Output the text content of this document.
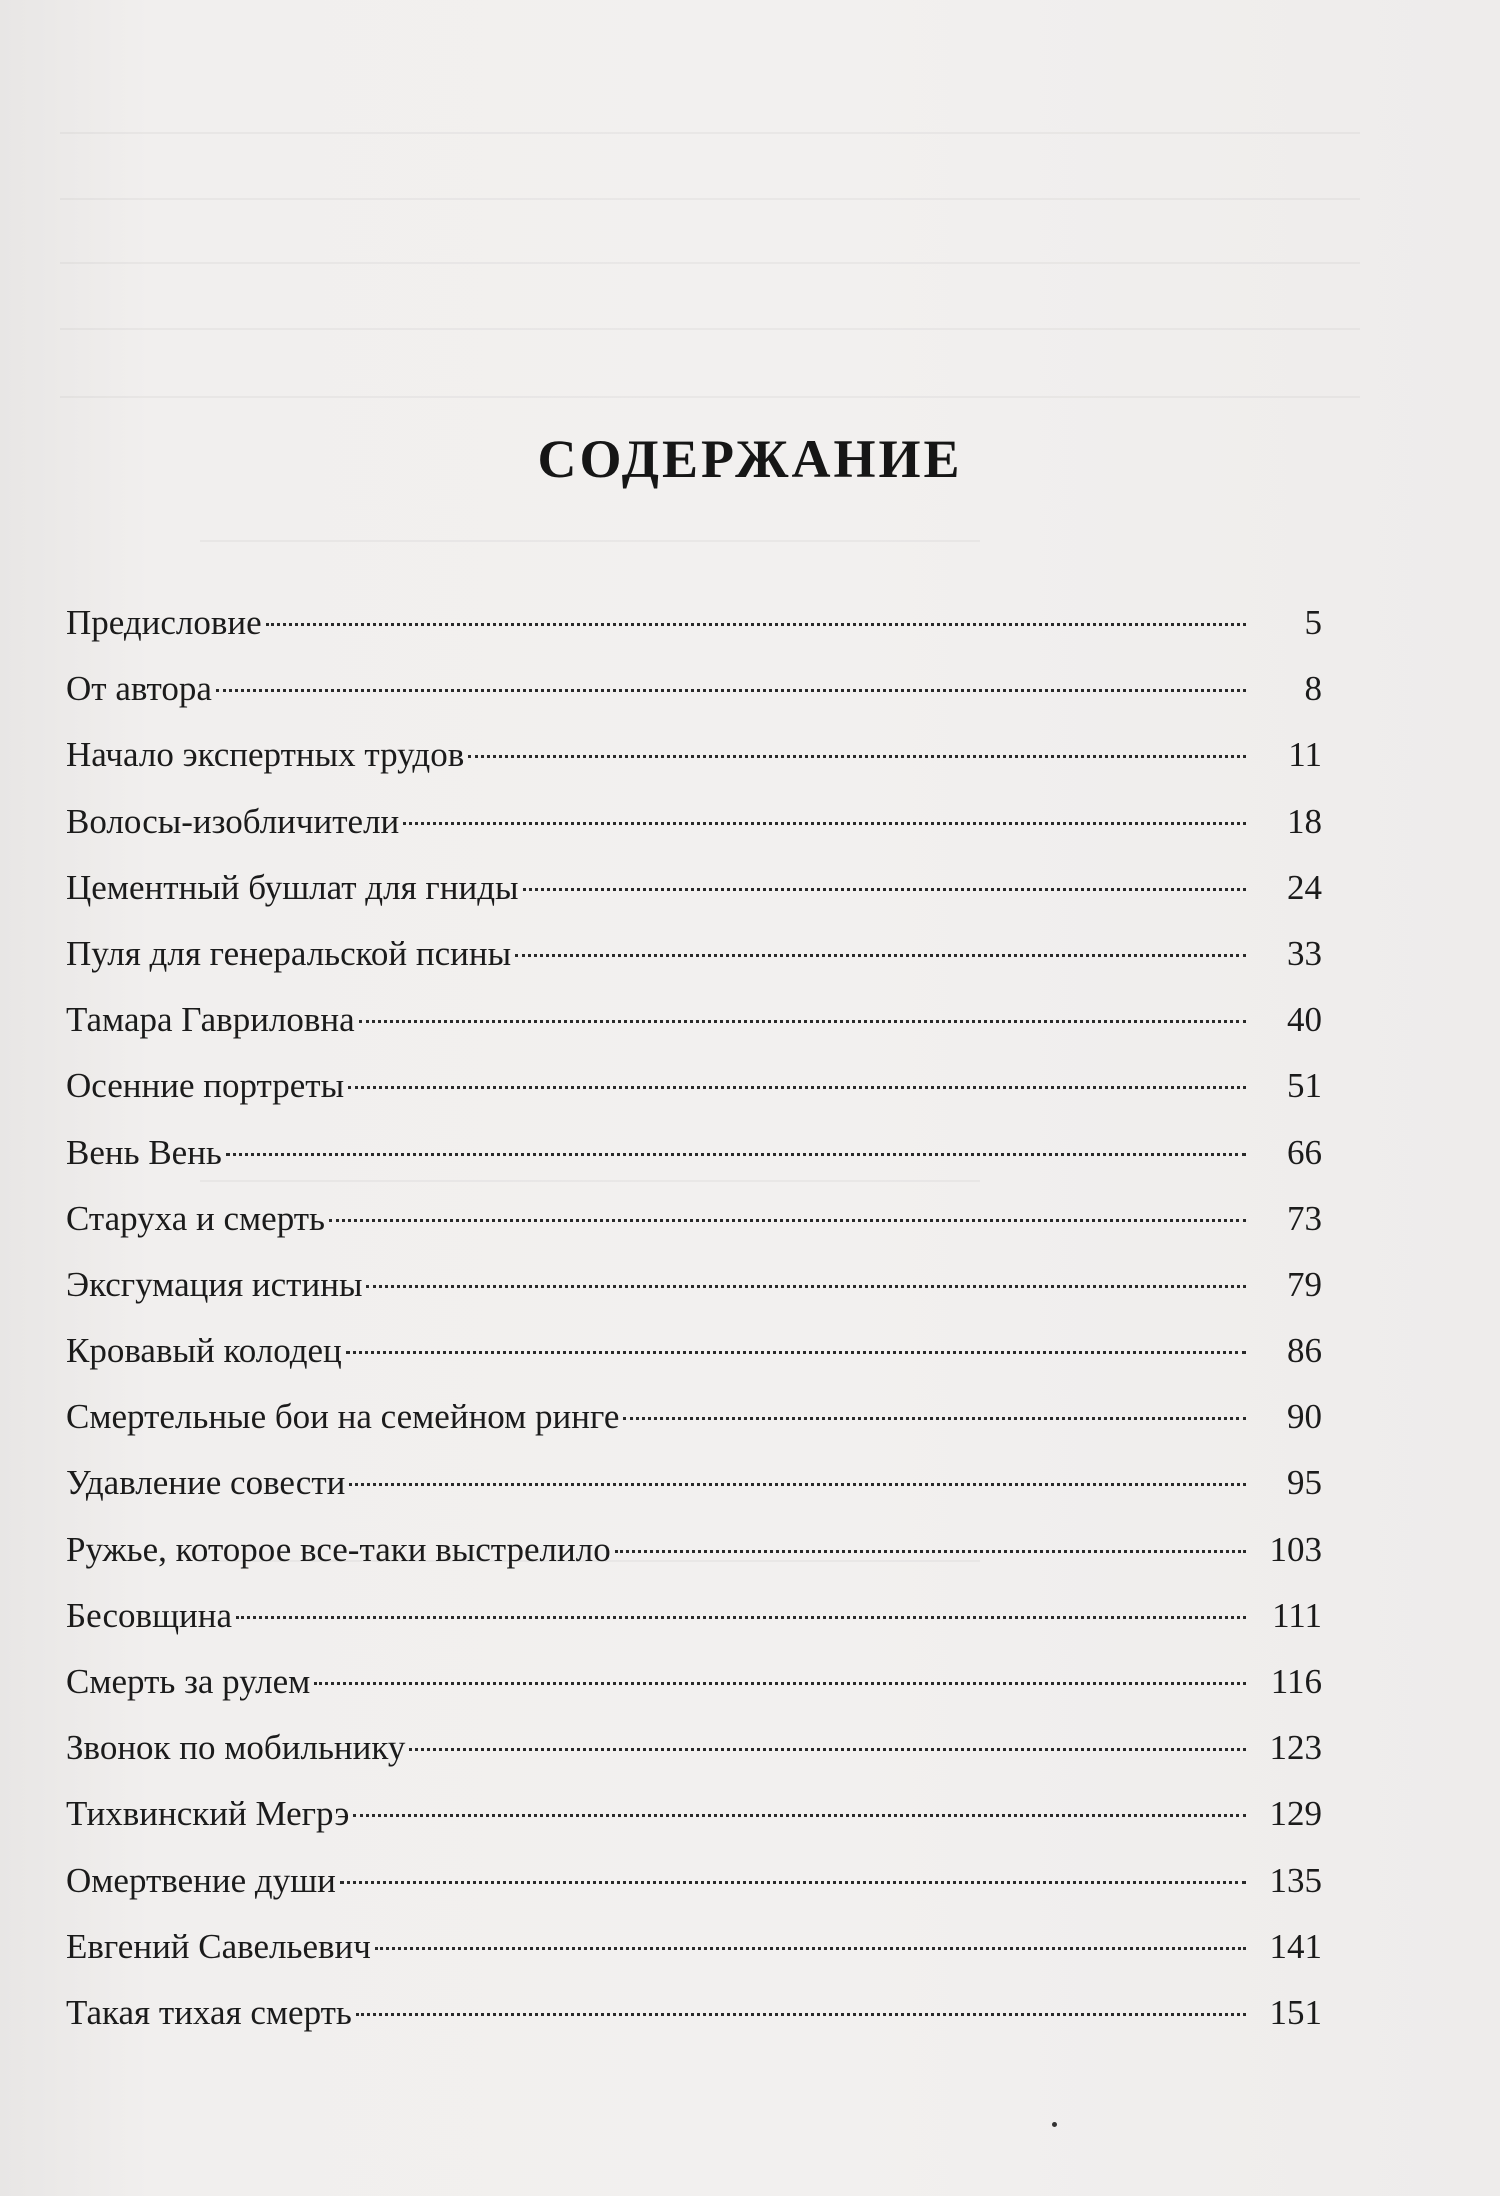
СОДЕРЖАНИЕ
Предисловие	5
От автора	8
Начало экспертных трудов	11
Волосы-изобличители	18
Цементный бушлат для гниды	24
Пуля для генеральской псины	33
Тамара Гавриловна	40
Осенние портреты	51
Вень Вень	66
Старуха и смерть	73
Эксгумация истины	79
Кровавый колодец	86
Смертельные бои на семейном ринге	90
Удавление совести	95
Ружье, которое все-таки выстрелило	103
Бесовщина	111
Смерть за рулем	116
Звонок по мобильнику	123
Тихвинский Мегрэ	129
Омертвение души	135
Евгений Савельевич	141
Такая тихая смерть	151
